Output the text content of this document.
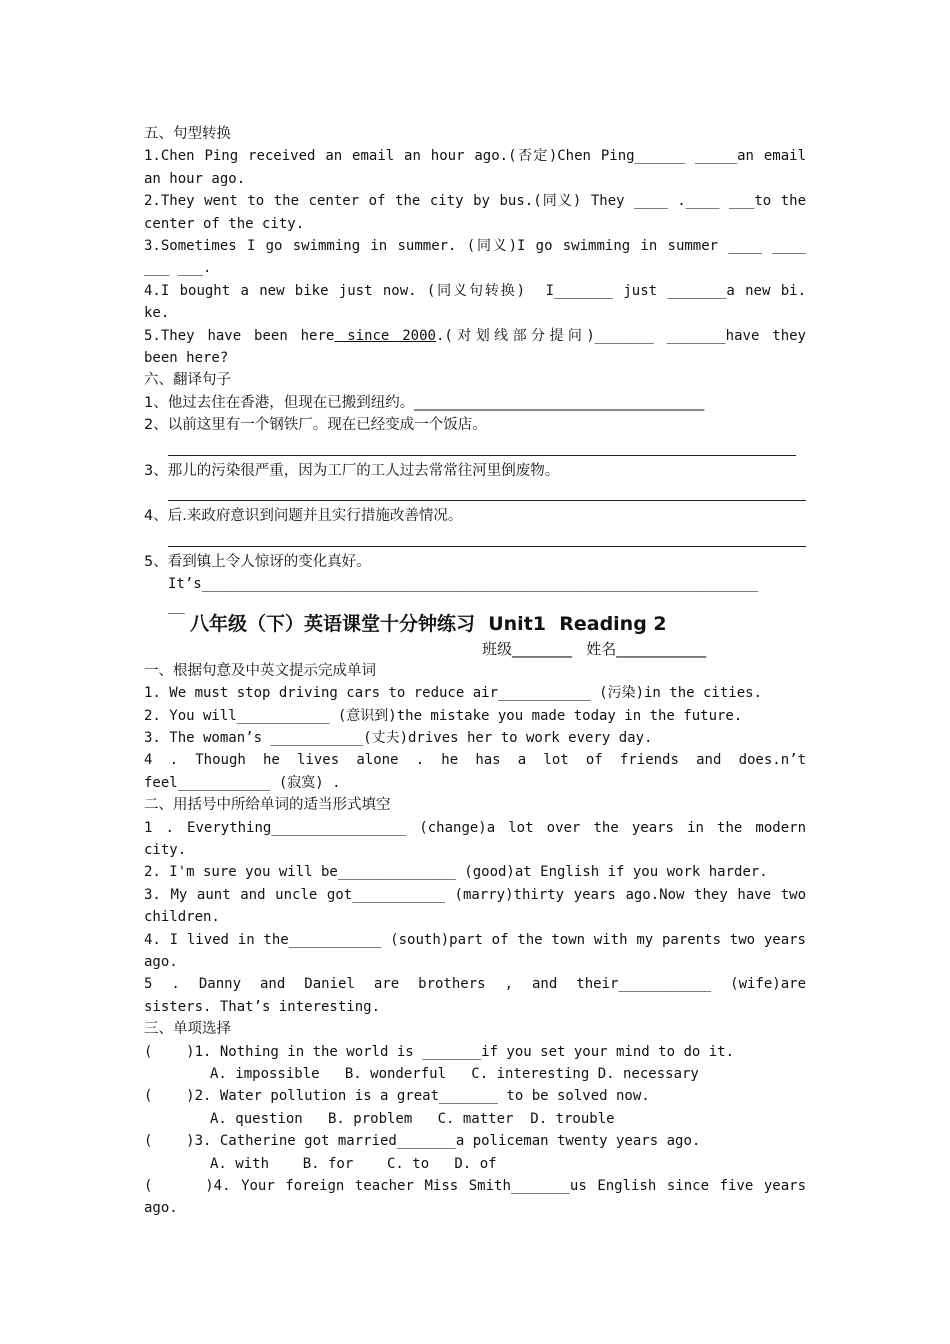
五、句型转换

1.Chen Ping received an email an hour ago.(否定)Chen Ping______ _____an email

an hour ago.

2.They went to the center of the city by bus.(同义) They ____ .____ ___to the

center of the city.

3.Sometimes I go swimming in summer. (同义)I go swimming in summer ____ ____

___ ___.

4.I bought a new bike just now. (同义句转换)  I_______ just _______a new bi.

ke.

5.They have been here since 2000.(对划线部分提问)_______ _______have they

been here?

六、翻译句子

1、他过去住在香港，但现在已搬到纽约。________________________________________

2、以前这里有一个钢铁厂。现在已经变成一个饭店。

3、那儿的污染很严重，因为工厂的工人过去常常往河里倒废物。

4、后.来政府意识到问题并且实行措施改善情况。

5、看到镇上令人惊讶的变化真好。

It’s__________________________________________________________________

__

八年级（下）英语课堂十分钟练习  Unit1  Reading 2
班级________   姓名____________

一、根据句意及中英文提示完成单词

1. We must stop driving cars to reduce air___________ (污染)in the cities.

2. You will___________ (意识到)the mistake you made today in the future.

3. The woman’s ___________(丈夫)drives her to work every day.

4 . Though he lives alone . he has a lot of friends and does.n’t

feel___________ (寂寞) .

二、用括号中所给单词的适当形式填空

1 . Everything________________ (change)a lot over the years in the modern

city.

2. I'm sure you will be______________ (good)at English if you work harder.

3. My aunt and uncle got___________ (marry)thirty years ago.Now they have two

children.

4. I lived in the___________ (south)part of the town with my parents two years

ago.

5 . Danny and Daniel are brothers , and their___________ (wife)are

sisters. That’s interesting.

三、单项选择

(    )1. Nothing in the world is _______if you set your mind to do it.

A. impossible   B. wonderful   C. interesting D. necessary

(    )2. Water pollution is a great_______ to be solved now.

A. question   B. problem   C. matter  D. trouble

(    )3. Catherine got married_______a policeman twenty years ago.

A. with    B. for    C. to   D. of

(     )4. Your foreign teacher Miss Smith_______us English since five years

ago.
